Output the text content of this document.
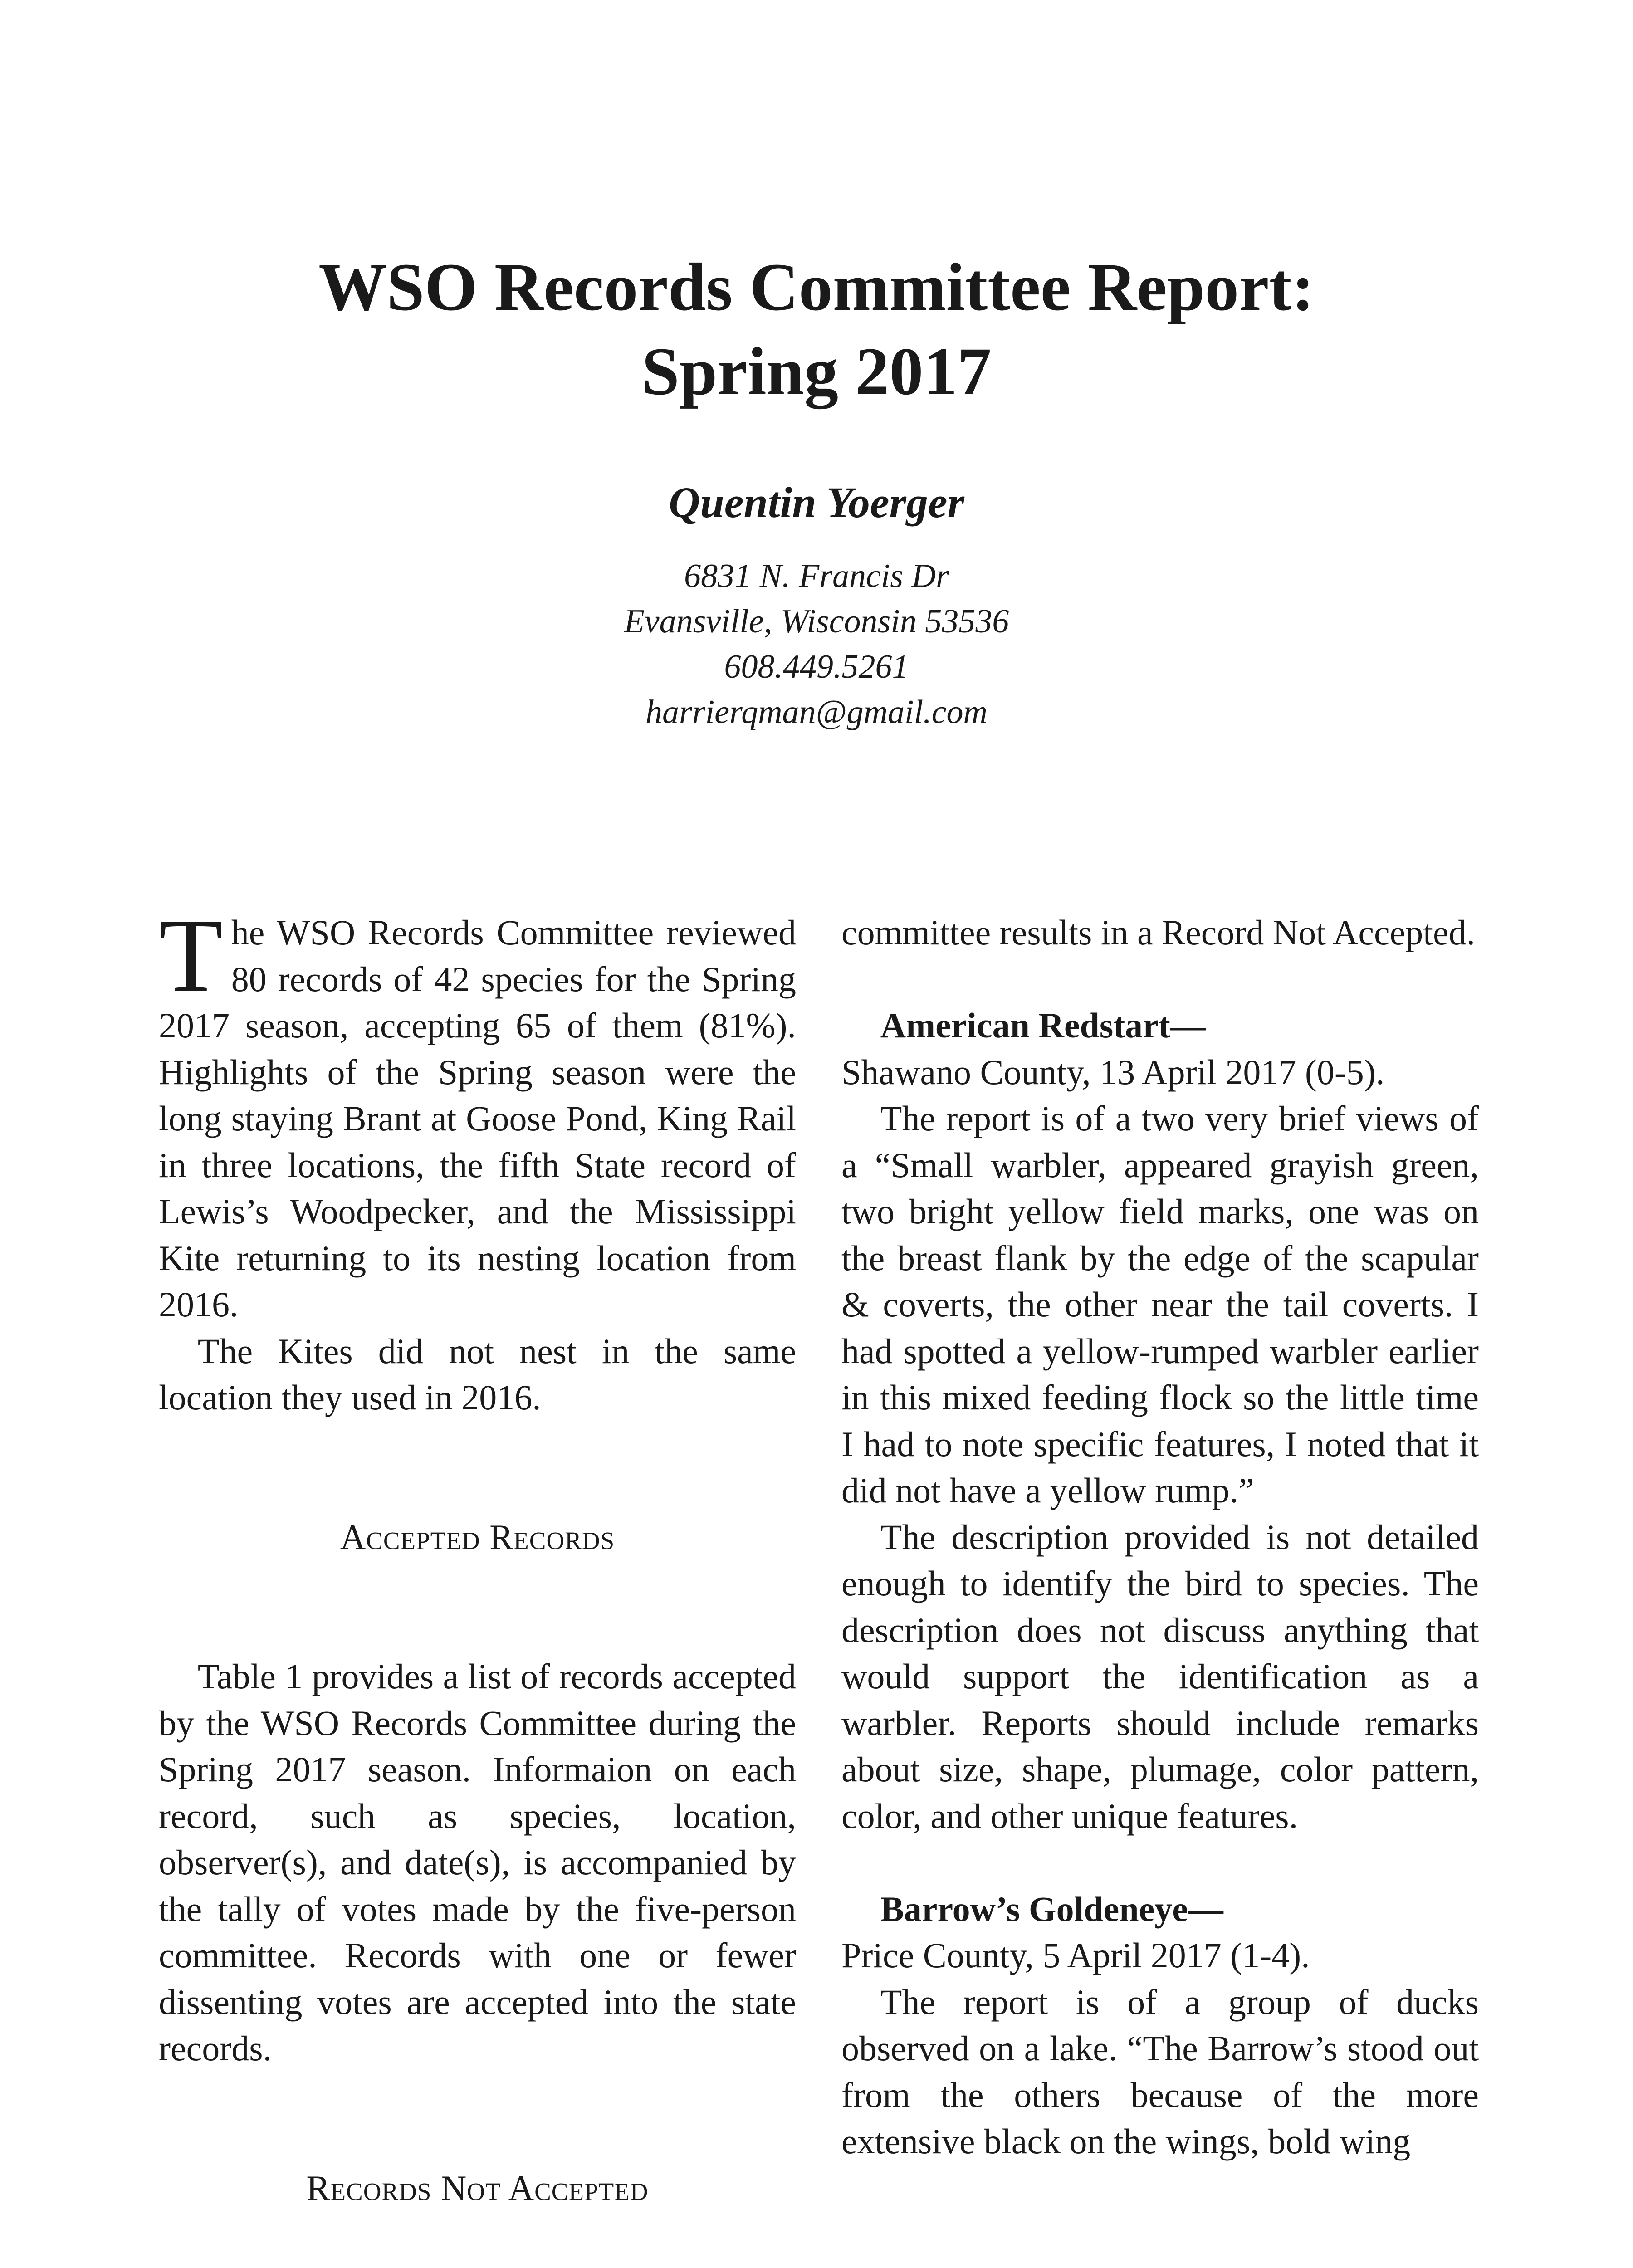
WSO Records Committee Report:
Spring 2017
Quentin Yoerger
6831 N. Francis Dr
Evansville, Wisconsin 53536
608.449.5261
harrierqman@gmail.com

The WSO Records Committee reviewed 80 records of 42 species for the Spring 2017 season, accepting 65 of them (81%). Highlights of the Spring season were the long staying Brant at Goose Pond, King Rail in three locations, the fifth State record of Lewis’s Woodpecker, and the Mississippi Kite returning to its nesting location from 2016.

The Kites did not nest in the same location they used in 2016.

Accepted Records

Table 1 provides a list of records accepted by the WSO Records Committee during the Spring 2017 season. Informaion on each record, such as species, location, observer(s), and date(s), is accompanied by the tally of votes made by the five-person committee. Records with one or fewer dissenting votes are accepted into the state records.

Records Not Accepted

committee results in a Record Not Accepted.

American Redstart—

Shawano County, 13 April 2017 (0-5).

The report is of a two very brief views of a “Small warbler, appeared grayish green, two bright yellow field marks, one was on the breast flank by the edge of the scapular & coverts, the other near the tail coverts. I had spotted a yellow-rumped warbler earlier in this mixed feeding flock so the little time I had to note specific features, I noted that it did not have a yellow rump.”

The description provided is not detailed enough to identify the bird to species. The description does not discuss anything that would support the identification as a warbler. Reports should include remarks about size, shape, plumage, color pattern, color, and other unique features.

Barrow’s Goldeneye—

Price County, 5 April 2017 (1-4).

The report is of a group of ducks observed on a lake. “The Barrow’s stood out from the others because of the more extensive black on the wings, bold wing
